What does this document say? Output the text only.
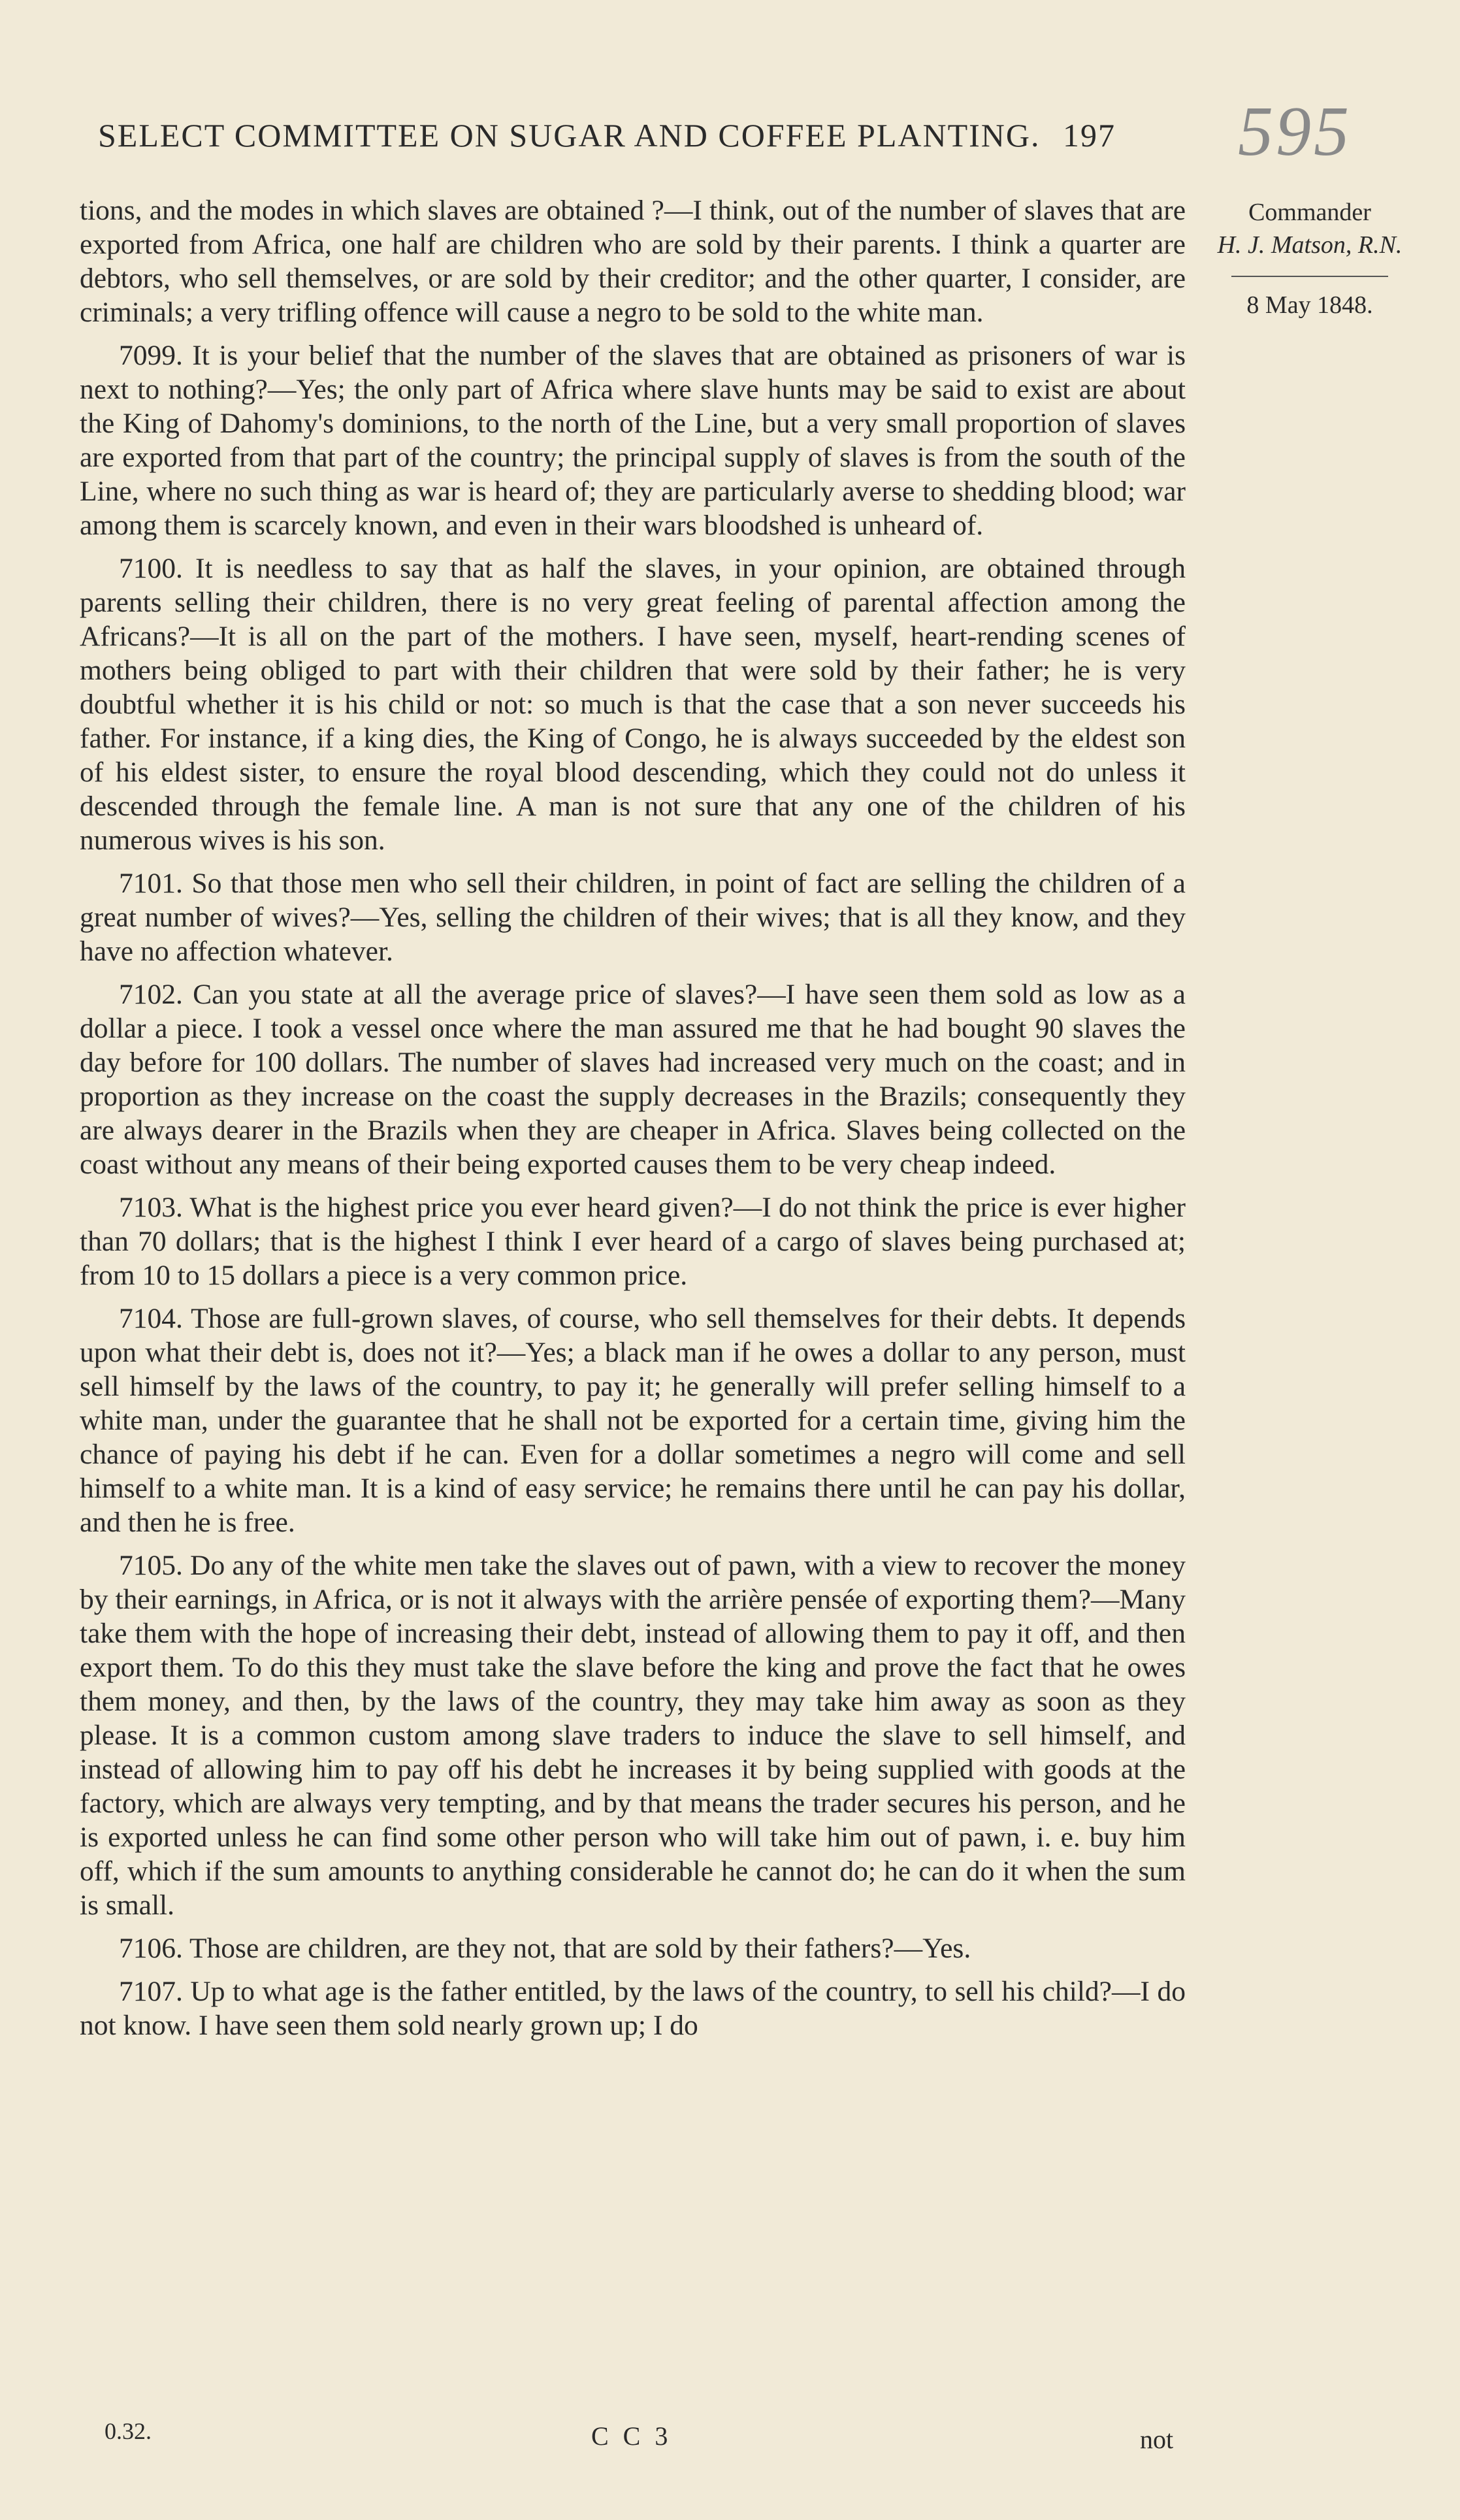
SELECT COMMITTEE ON SUGAR AND COFFEE PLANTING. 197	595
Commander
H. J. Matson, R.N.
8 May 1848.

tions, and the modes in which slaves are obtained ?—I think, out of the number of slaves that are exported from Africa, one half are children who are sold by their parents. I think a quarter are debtors, who sell themselves, or are sold by their creditor; and the other quarter, I consider, are criminals; a very trifling offence will cause a negro to be sold to the white man.

7099. It is your belief that the number of the slaves that are obtained as prisoners of war is next to nothing?—Yes; the only part of Africa where slave hunts may be said to exist are about the King of Dahomy's dominions, to the north of the Line, but a very small proportion of slaves are exported from that part of the country; the principal supply of slaves is from the south of the Line, where no such thing as war is heard of; they are particularly averse to shedding blood; war among them is scarcely known, and even in their wars bloodshed is unheard of.

7100. It is needless to say that as half the slaves, in your opinion, are obtained through parents selling their children, there is no very great feeling of parental affection among the Africans?—It is all on the part of the mothers. I have seen, myself, heart-rending scenes of mothers being obliged to part with their children that were sold by their father; he is very doubtful whether it is his child or not: so much is that the case that a son never succeeds his father. For instance, if a king dies, the King of Congo, he is always succeeded by the eldest son of his eldest sister, to ensure the royal blood descending, which they could not do unless it descended through the female line. A man is not sure that any one of the children of his numerous wives is his son.

7101. So that those men who sell their children, in point of fact are selling the children of a great number of wives?—Yes, selling the children of their wives; that is all they know, and they have no affection whatever.

7102. Can you state at all the average price of slaves?—I have seen them sold as low as a dollar a piece. I took a vessel once where the man assured me that he had bought 90 slaves the day before for 100 dollars. The number of slaves had increased very much on the coast; and in proportion as they increase on the coast the supply decreases in the Brazils; consequently they are always dearer in the Brazils when they are cheaper in Africa. Slaves being collected on the coast without any means of their being exported causes them to be very cheap indeed.

7103. What is the highest price you ever heard given?—I do not think the price is ever higher than 70 dollars; that is the highest I think I ever heard of a cargo of slaves being purchased at; from 10 to 15 dollars a piece is a very common price.

7104. Those are full-grown slaves, of course, who sell themselves for their debts. It depends upon what their debt is, does not it?—Yes; a black man if he owes a dollar to any person, must sell himself by the laws of the country, to pay it; he generally will prefer selling himself to a white man, under the guarantee that he shall not be exported for a certain time, giving him the chance of paying his debt if he can. Even for a dollar sometimes a negro will come and sell himself to a white man. It is a kind of easy service; he remains there until he can pay his dollar, and then he is free.

7105. Do any of the white men take the slaves out of pawn, with a view to recover the money by their earnings, in Africa, or is not it always with the arrière pensée of exporting them?—Many take them with the hope of increasing their debt, instead of allowing them to pay it off, and then export them. To do this they must take the slave before the king and prove the fact that he owes them money, and then, by the laws of the country, they may take him away as soon as they please. It is a common custom among slave traders to induce the slave to sell himself, and instead of allowing him to pay off his debt he increases it by being supplied with goods at the factory, which are always very tempting, and by that means the trader secures his person, and he is exported unless he can find some other person who will take him out of pawn, i. e. buy him off, which if the sum amounts to anything considerable he cannot do; he can do it when the sum is small.

7106. Those are children, are they not, that are sold by their fathers?—Yes.

7107. Up to what age is the father entitled, by the laws of the country, to sell his child?—I do not know. I have seen them sold nearly grown up; I do

0.32.	C C 3	not
